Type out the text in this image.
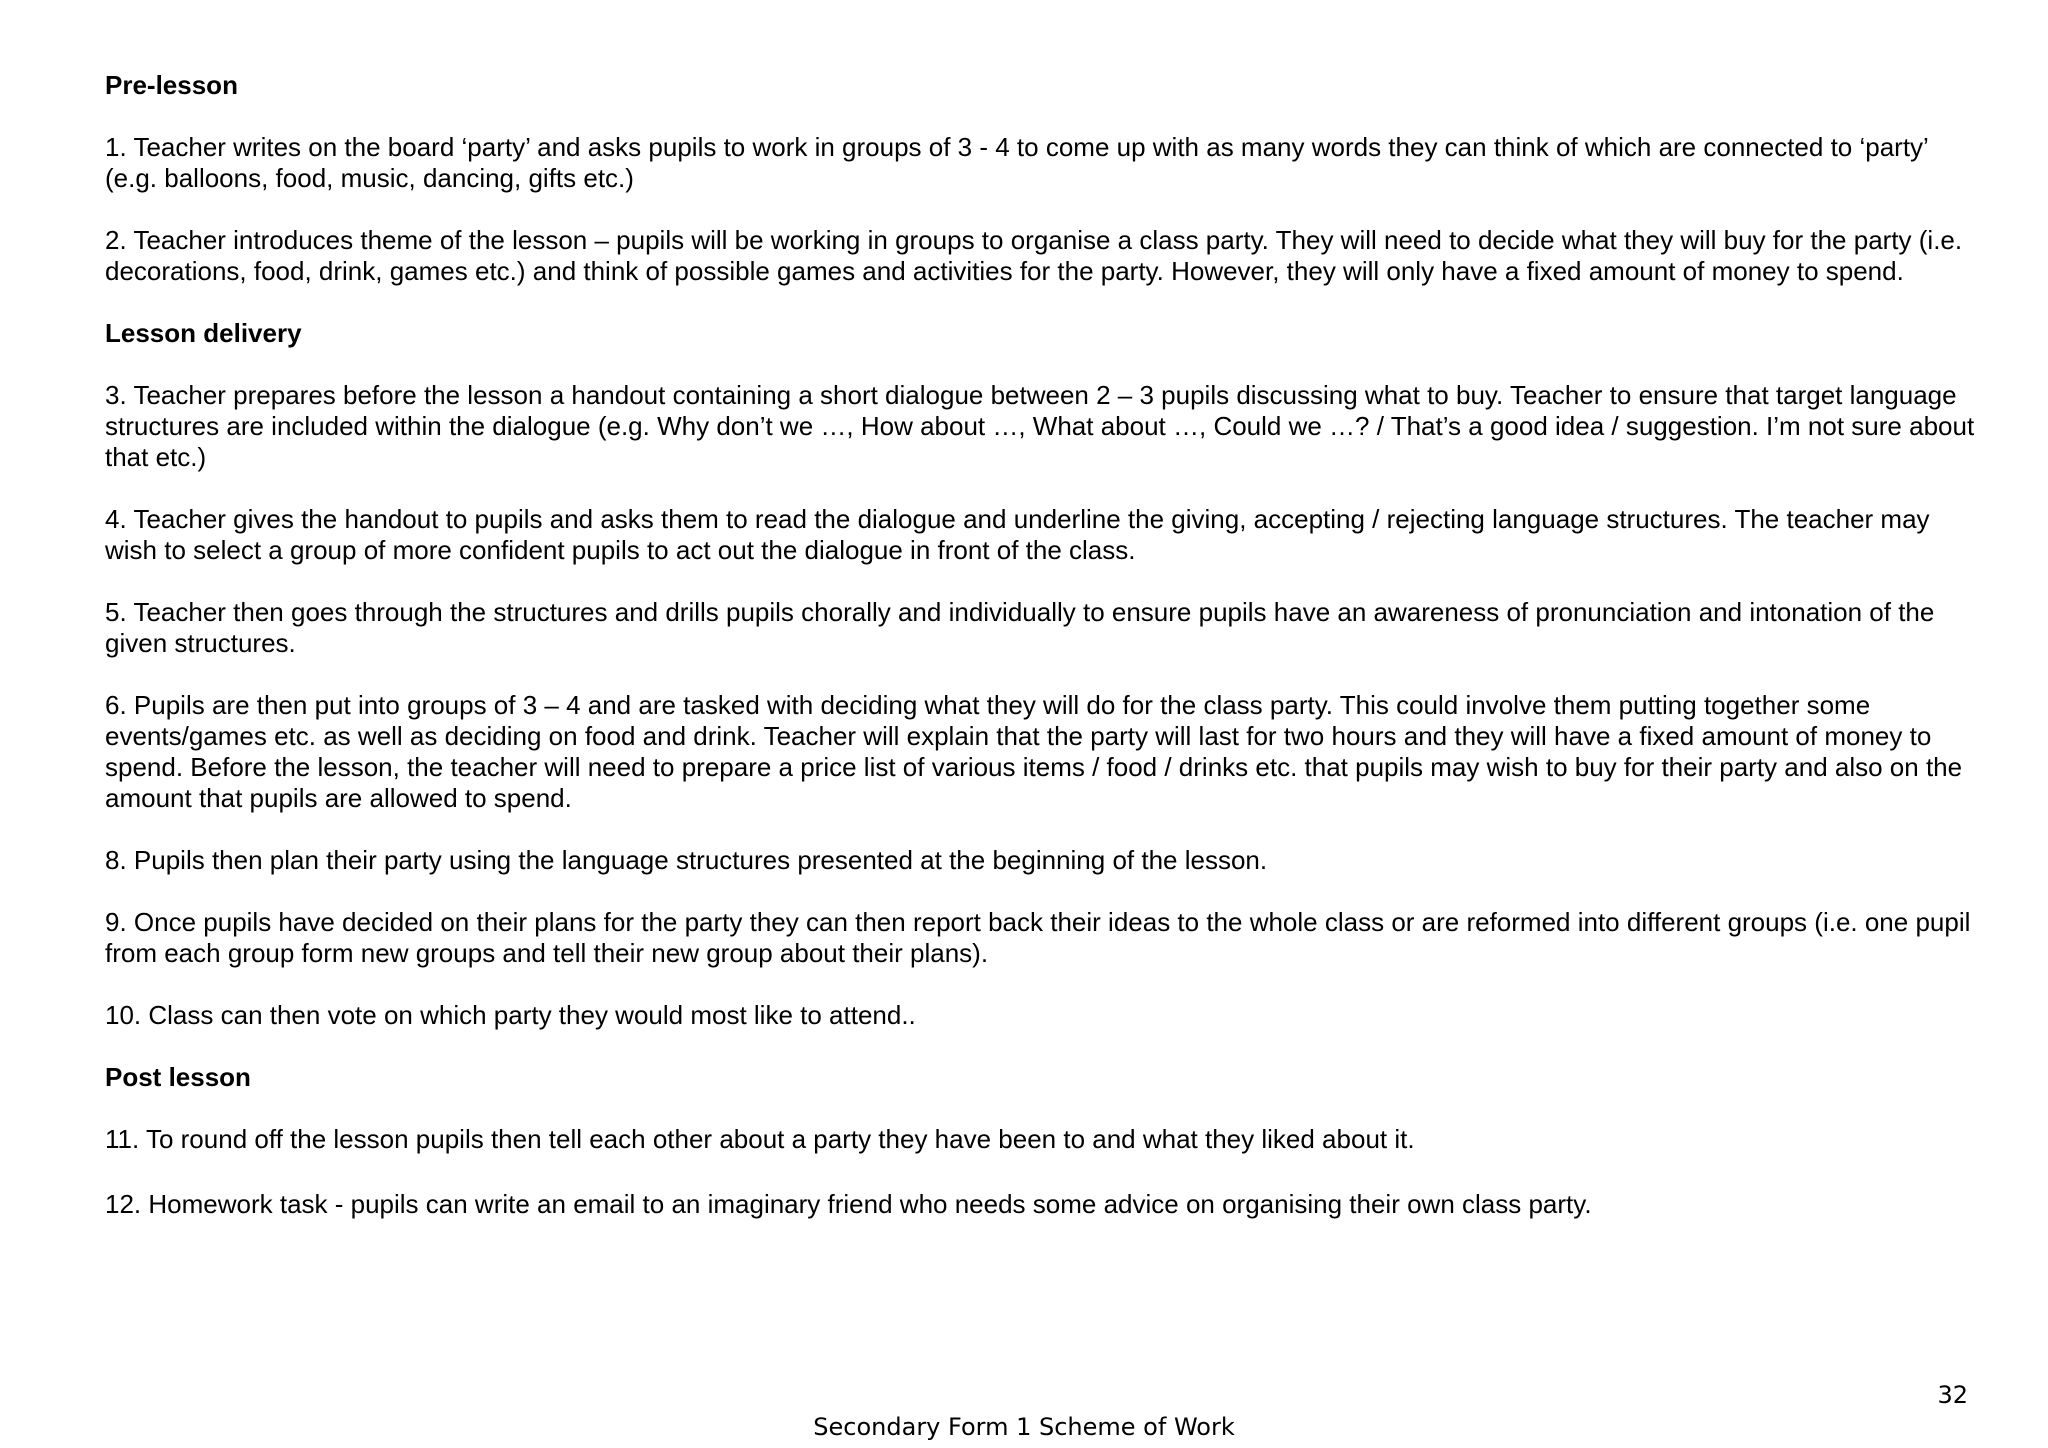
Pre-lesson

1. Teacher writes on the board ‘party’ and asks pupils to work in groups of 3 - 4 to come up with as many words they can think of which are connected to ‘party’ (e.g. balloons, food, music, dancing, gifts etc.)

2. Teacher introduces theme of the lesson – pupils will be working in groups to organise a class party. They will need to decide what they will buy for the party (i.e. decorations, food, drink, games etc.) and think of possible games and activities for the party. However, they will only have a fixed amount of money to spend.

Lesson delivery

3. Teacher prepares before the lesson a handout containing a short dialogue between 2 – 3 pupils discussing what to buy. Teacher to ensure that target language structures are included within the dialogue (e.g. Why don’t we …, How about …, What about …, Could we …? / That’s a good idea / suggestion. I’m not sure about that etc.)

4. Teacher gives the handout to pupils and asks them to read the dialogue and underline the giving, accepting / rejecting language structures. The teacher may wish to select a group of more confident pupils to act out the dialogue in front of the class.

5. Teacher then goes through the structures and drills pupils chorally and individually to ensure pupils have an awareness of pronunciation and intonation of the given structures.

6. Pupils are then put into groups of 3 – 4 and are tasked with deciding what they will do for the class party. This could involve them putting together some events/games etc. as well as deciding on food and drink. Teacher will explain that the party will last for two hours and they will have a fixed amount of money to spend. Before the lesson, the teacher will need to prepare a price list of various items / food / drinks etc. that pupils may wish to buy for their party and also on the amount that pupils are allowed to spend.

8. Pupils then plan their party using the language structures presented at the beginning of the lesson.

9. Once pupils have decided on their plans for the party they can then report back their ideas to the whole class or are reformed into different groups (i.e. one pupil from each group form new groups and tell their new group about their plans).

10. Class can then vote on which party they would most like to attend..

Post lesson

11. To round off the lesson pupils then tell each other about a party they have been to and what they liked about it.

12. Homework task - pupils can write an email to an imaginary friend who needs some advice on organising their own class party.

32
Secondary Form 1 Scheme of Work
